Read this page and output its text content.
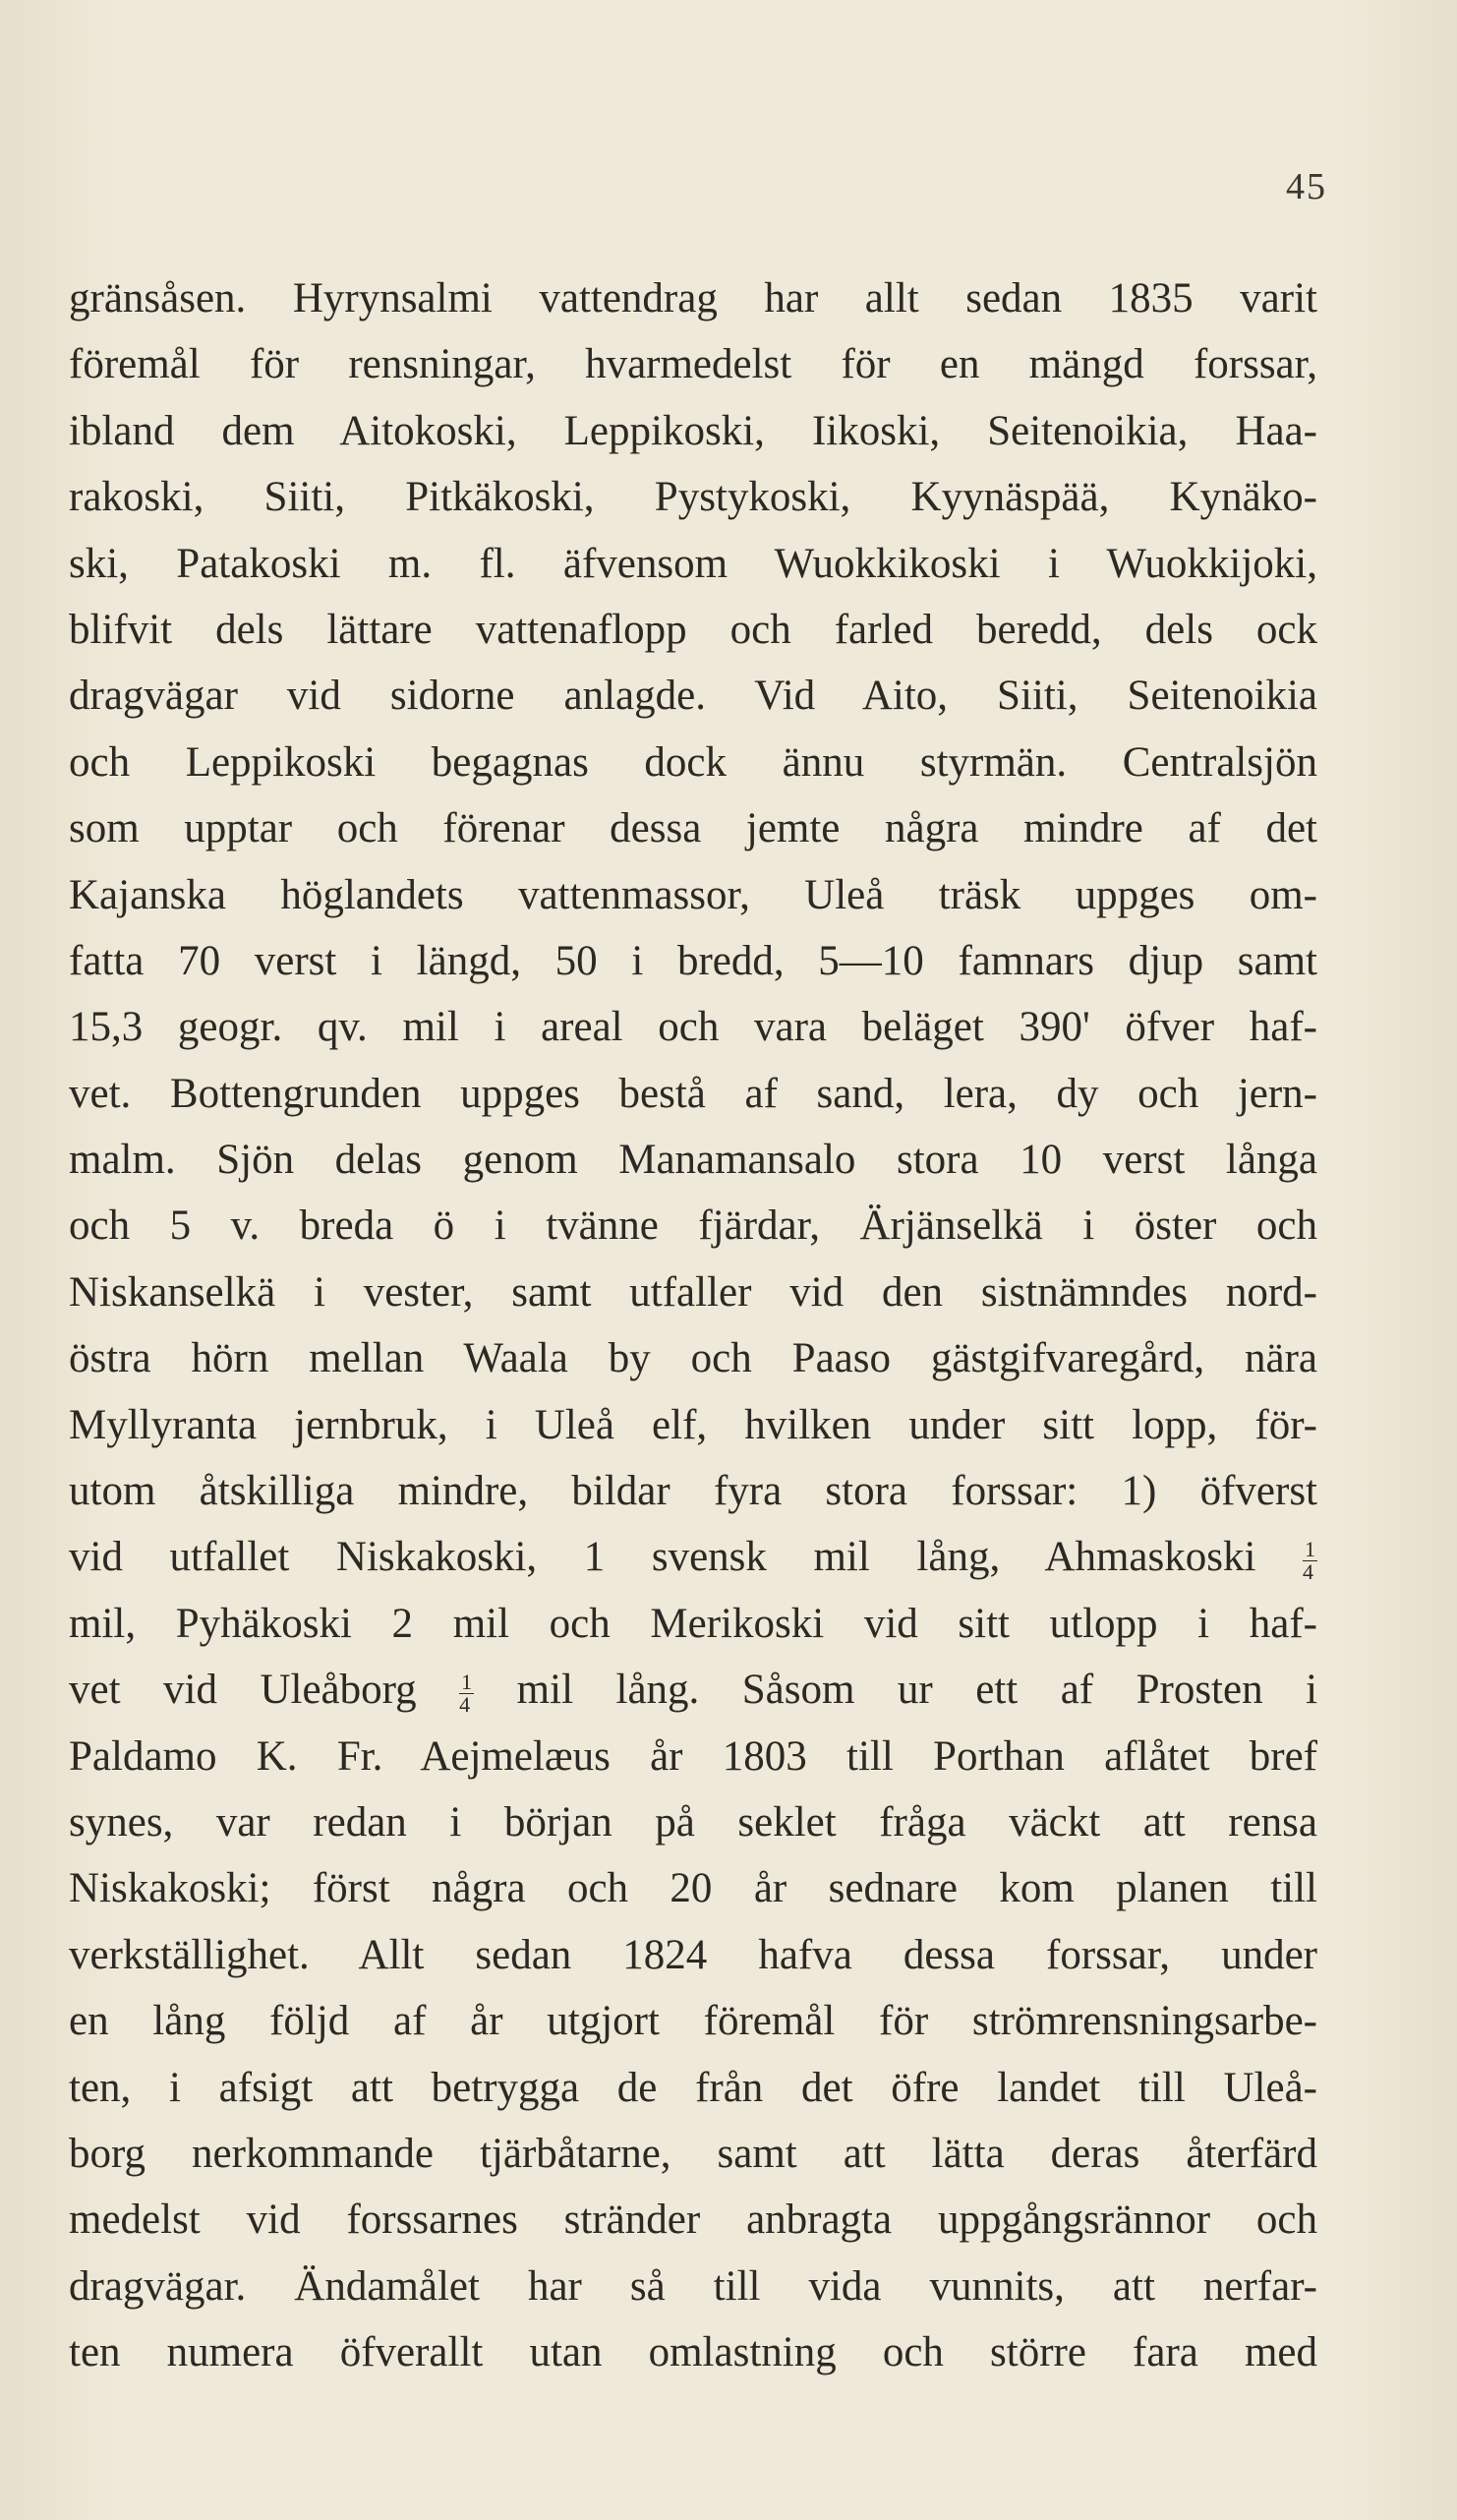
45
gränsåsen. Hyrynsalmi vattendrag har allt sedan 1835 varit
föremål för rensningar, hvarmedelst för en mängd forssar,
ibland dem Aitokoski, Leppikoski, Iikoski, Seitenoikia, Haa-
rakoski, Siiti, Pitkäkoski, Pystykoski, Kyynäspää, Kynäko-
ski, Patakoski m. fl. äfvensom Wuokkikoski i Wuokkijoki,
blifvit dels lättare vattenaflopp och farled beredd, dels ock
dragvägar vid sidorne anlagde. Vid Aito, Siiti, Seitenoikia
och Leppikoski begagnas dock ännu styrmän. Centralsjön
som upptar och förenar dessa jemte några mindre af det
Kajanska höglandets vattenmassor, Uleå träsk uppges om-
fatta 70 verst i längd, 50 i bredd, 5—10 famnars djup samt
15,3 geogr. qv. mil i areal och vara beläget 390' öfver haf-
vet. Bottengrunden uppges bestå af sand, lera, dy och jern-
malm. Sjön delas genom Manamansalo stora 10 verst långa
och 5 v. breda ö i tvänne fjärdar, Ärjänselkä i öster och
Niskanselkä i vester, samt utfaller vid den sistnämndes nord-
östra hörn mellan Waala by och Paaso gästgifvaregård, nära
Myllyranta jernbruk, i Uleå elf, hvilken under sitt lopp, för-
utom åtskilliga mindre, bildar fyra stora forssar: 1) öfverst
vid utfallet Niskakoski, 1 svensk mil lång, Ahmaskoski $\frac{1}{4}$
mil, Pyhäkoski 2 mil och Merikoski vid sitt utlopp i haf-
vet vid Uleåborg $\frac{1}{4}$ mil lång. Såsom ur ett af Prosten i
Paldamo K. Fr. Aejmelæus år 1803 till Porthan aflåtet bref
synes, var redan i början på seklet fråga väckt att rensa
Niskakoski; först några och 20 år sednare kom planen till
verkställighet. Allt sedan 1824 hafva dessa forssar, under
en lång följd af år utgjort föremål för strömrensningsarbe-
ten, i afsigt att betrygga de från det öfre landet till Uleå-
borg nerkommande tjärbåtarne, samt att lätta deras återfärd
medelst vid forssarnes stränder anbragta uppgångsrännor och
dragvägar. Ändamålet har så till vida vunnits, att nerfar-
ten numera öfverallt utan omlastning och större fara med
